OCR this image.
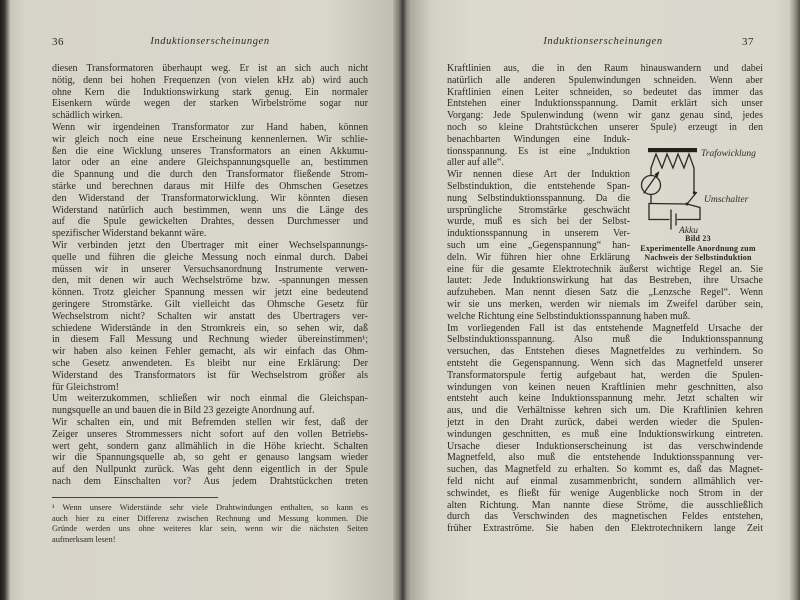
36	Induktionserscheinungen
diesen Transformatoren überhaupt weg. Er ist an sich auch nicht
nötig, denn bei hohen Frequenzen (von vielen kHz ab) wird auch
ohne Kern die Induktionswirkung stark genug. Ein normaler
Eisenkern würde wegen der starken Wirbelströme sogar nur
schädlich wirken.
Wenn wir irgendeinen Transformator zur Hand haben, können
wir gleich noch eine neue Erscheinung kennenlernen. Wir schlie-
ßen die eine Wicklung unseres Transformators an einen Akkumu-
lator oder an eine andere Gleichspannungsquelle an, bestimmen
die Spannung und die durch den Transformator fließende Strom-
stärke und berechnen daraus mit Hilfe des Ohmschen Gesetzes
den Widerstand der Transformatorwicklung. Wir könnten diesen
Widerstand natürlich auch bestimmen, wenn uns die Länge des
auf die Spule gewickelten Drahtes, dessen Durchmesser und
spezifischer Widerstand bekannt wäre.
Wir verbinden jetzt den Übertrager mit einer Wechselspannungs-
quelle und führen die gleiche Messung noch einmal durch. Dabei
müssen wir in unserer Versuchsanordnung Instrumente verwen-
den, mit denen wir auch Wechselströme bzw. -spannungen messen
können. Trotz gleicher Spannung messen wir jetzt eine bedeutend
geringere Stromstärke. Gilt vielleicht das Ohmsche Gesetz für
Wechselstrom nicht? Schalten wir anstatt des Übertragers ver-
schiedene Widerstände in den Stromkreis ein, so sehen wir, daß
in diesem Fall Messung und Rechnung wieder übereinstimmen¹;
wir haben also keinen Fehler gemacht, als wir einfach das Ohm-
sche Gesetz anwendeten. Es bleibt nur eine Erklärung: Der
Widerstand des Transformators ist für Wechselstrom größer als
für Gleichstrom!
Um weiterzukommen, schließen wir noch einmal die Gleichspan-
nungsquelle an und bauen die in Bild 23 gezeigte Anordnung auf.
Wir schalten ein, und mit Befremden stellen wir fest, daß der
Zeiger unseres Strommessers nicht sofort auf den vollen Betriebs-
wert geht, sondern ganz allmählich in die Höhe kriecht. Schalten
wir die Spannungsquelle ab, so geht er genauso langsam wieder
auf den Nullpunkt zurück. Was geht denn eigentlich in der Spule
nach dem Einschalten vor? Aus jedem Drahtstückchen treten
¹ Wenn unsere Widerstände sehr viele Drahtwindungen enthalten, so kann es
auch hier zu einer Differenz zwischen Rechnung und Messung kommen. Die
Gründe werden uns ohne weiteres klar sein, wenn wir die nächsten Seiten
aufmerksam lesen!
Induktionserscheinungen	37
Kraftlinien aus, die in den Raum hinauswandern und dabei
natürlich alle anderen Spulenwindungen schneiden. Wenn aber
Kraftlinien einen Leiter schneiden, so bedeutet das immer das
Entstehen einer Induktionsspannung. Damit erklärt sich unser
Vorgang: Jede Spulenwindung (wenn wir ganz genau sind, jedes
noch so kleine Drahtstückchen unserer Spule) erzeugt in den
benachbarten Windungen eine Induk-
tionsspannung. Es ist eine „Induktion
aller auf alle“.
Wir nennen diese Art der Induktion
Selbstinduktion, die entstehende Span-
nung Selbstinduktionsspannung. Da die
ursprüngliche Stromstärke geschwächt
wurde, muß es sich bei der Selbst-
induktionsspannung in unserem Ver-
such um eine „Gegenspannung“ han-
deln. Wir führen hier ohne Erklärung
Trafowicklung
Umschalter
Akku
Bild 23
Experimentelle Anordnung zum
Nachweis der Selbstinduktion
eine für die gesamte Elektrotechnik äußerst wichtige Regel an. Sie
lautet: Jede Induktionswirkung hat das Bestreben, ihre Ursache
aufzuheben. Man nennt diesen Satz die „Lenzsche Regel“. Wenn
wir sie uns merken, werden wir niemals im Zweifel darüber sein,
welche Richtung eine Selbstinduktionsspannung haben muß.
Im vorliegenden Fall ist das entstehende Magnetfeld Ursache der
Selbstinduktionsspannung. Also muß die Induktionsspannung
versuchen, das Entstehen dieses Magnetfeldes zu verhindern. So
entsteht die Gegenspannung. Wenn sich das Magnetfeld unserer
Transformatorspule fertig aufgebaut hat, werden die Spulen-
windungen von keinen neuen Kraftlinien mehr geschnitten, also
entsteht auch keine Induktionsspannung mehr. Jetzt schalten wir
aus, und die Verhältnisse kehren sich um. Die Kraftlinien kehren
jetzt in den Draht zurück, dabei werden wieder die Spulen-
windungen geschnitten, es muß eine Induktionswirkung eintreten.
Ursache dieser Induktionserscheinung ist das verschwindende
Magnetfeld, also muß die entstehende Induktionsspannung ver-
suchen, das Magnetfeld zu erhalten. So kommt es, daß das Magnet-
feld nicht auf einmal zusammenbricht, sondern allmählich ver-
schwindet, es fließt für wenige Augenblicke noch Strom in der
alten Richtung. Man nannte diese Ströme, die ausschließlich
durch das Verschwinden des magnetischen Feldes entstehen,
früher Extraströme. Sie haben den Elektrotechnikern lange Zeit
